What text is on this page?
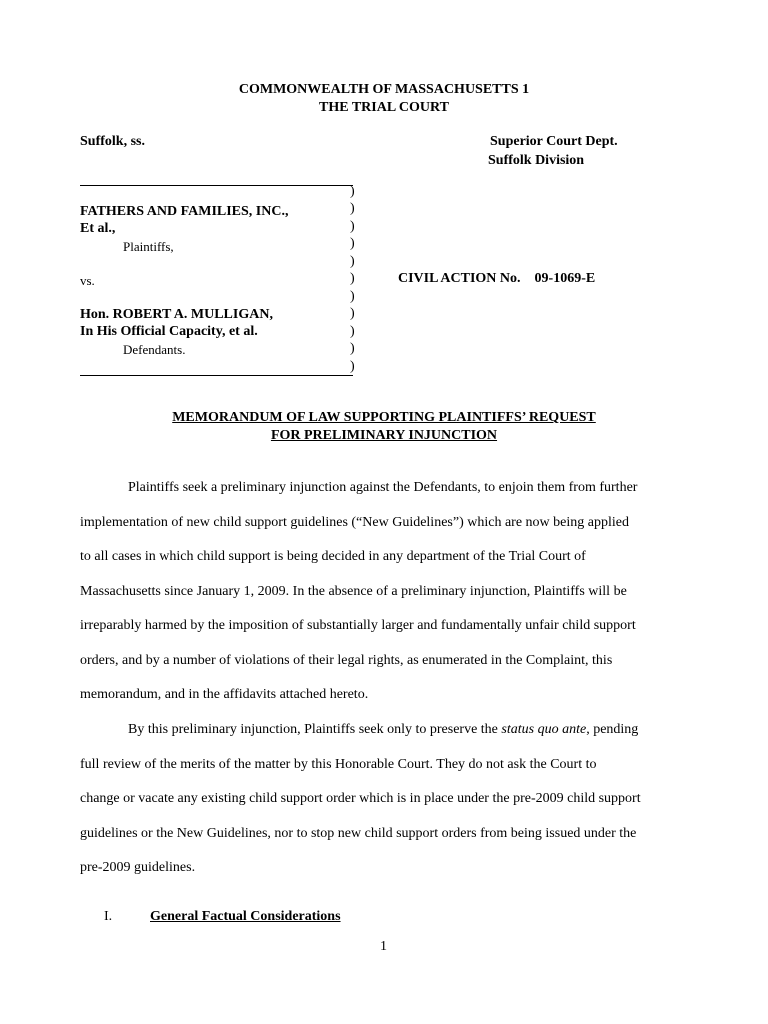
COMMONWEALTH OF MASSACHUSETTS 1
THE TRIAL COURT
Suffolk, ss.	Superior Court Dept.
Suffolk Division
FATHERS AND FAMILIES, INC.,
Et al.,
Plaintiffs,
vs.
Hon. ROBERT A. MULLIGAN,
In His Official Capacity, et al.
Defendants.
)
)
)
)
)
)
)
)
)
)
)
CIVIL ACTION No. 09-1069-E
MEMORANDUM OF LAW SUPPORTING PLAINTIFFS’ REQUEST
FOR PRELIMINARY INJUNCTION
Plaintiffs seek a preliminary injunction against the Defendants, to enjoin them from further
implementation of new child support guidelines (“New Guidelines”) which are now being applied
to all cases in which child support is being decided in any department of the Trial Court of
Massachusetts since January 1, 2009. In the absence of a preliminary injunction, Plaintiffs will be
irreparably harmed by the imposition of substantially larger and fundamentally unfair child support
orders, and by a number of violations of their legal rights, as enumerated in the Complaint, this
memorandum, and in the affidavits attached hereto.
By this preliminary injunction, Plaintiffs seek only to preserve the status quo ante, pending
full review of the merits of the matter by this Honorable Court. They do not ask the Court to
change or vacate any existing child support order which is in place under the pre-2009 child support
guidelines or the New Guidelines, nor to stop new child support orders from being issued under the
pre-2009 guidelines.
I.	General Factual Considerations
1
